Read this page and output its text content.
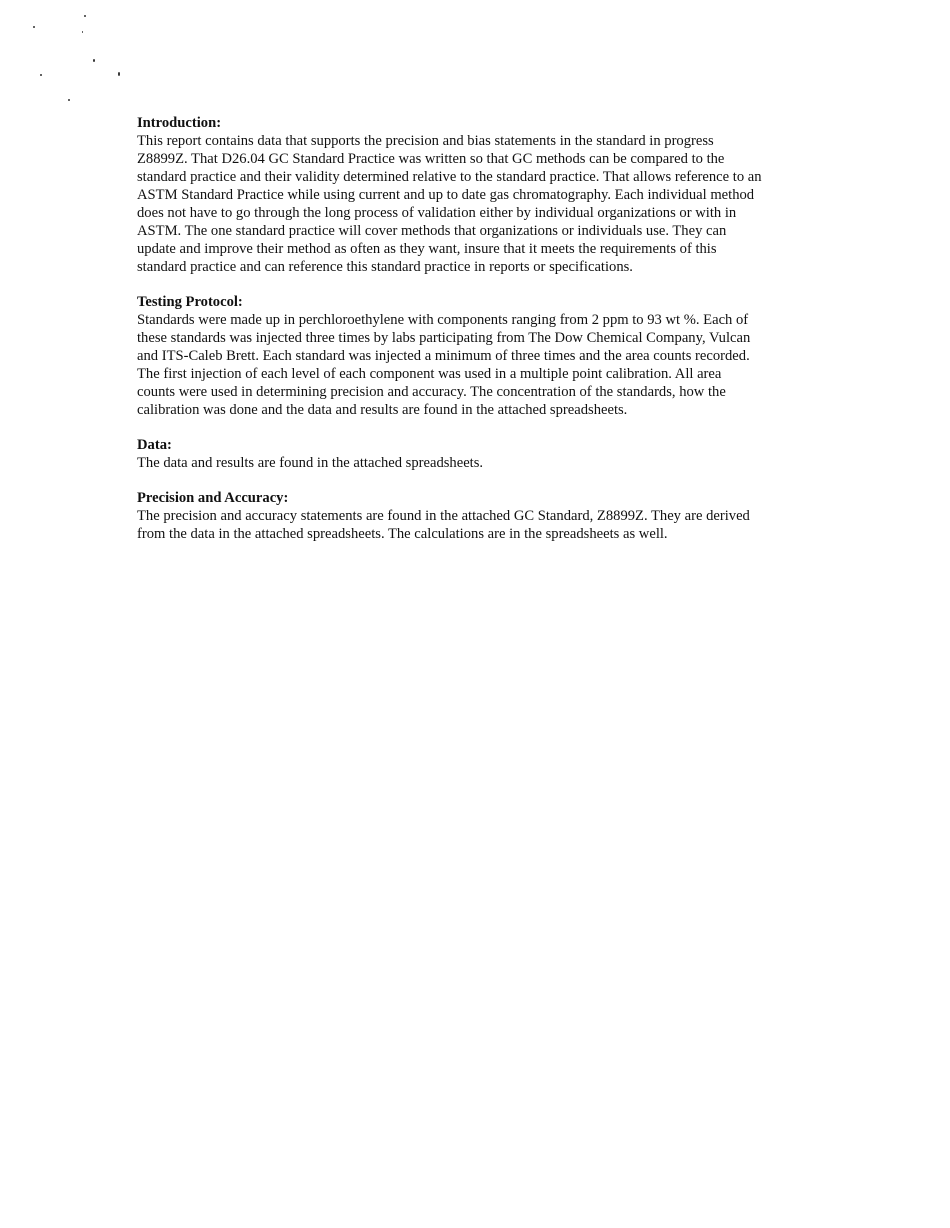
Introduction:

This report contains data that supports the precision and bias statements in the standard in progress
Z8899Z. That D26.04 GC Standard Practice was written so that GC methods can be compared to the
standard practice and their validity determined relative to the standard practice. That allows reference to an
ASTM Standard Practice while using current and up to date gas chromatography. Each individual method
does not have to go through the long process of validation either by individual organizations or with in
ASTM. The one standard practice will cover methods that organizations or individuals use. They can
update and improve their method as often as they want, insure that it meets the requirements of this
standard practice and can reference this standard practice in reports or specifications.

Testing Protocol:

Standards were made up in perchloroethylene with components ranging from 2 ppm to 93 wt %. Each of
these standards was injected three times by labs participating from The Dow Chemical Company, Vulcan
and ITS-Caleb Brett. Each standard was injected a minimum of three times and the area counts recorded.
The first injection of each level of each component was used in a multiple point calibration. All area
counts were used in determining precision and accuracy. The concentration of the standards, how the
calibration was done and the data and results are found in the attached spreadsheets.

Data:

The data and results are found in the attached spreadsheets.

Precision and Accuracy:

The precision and accuracy statements are found in the attached GC Standard, Z8899Z. They are derived
from the data in the attached spreadsheets. The calculations are in the spreadsheets as well.
